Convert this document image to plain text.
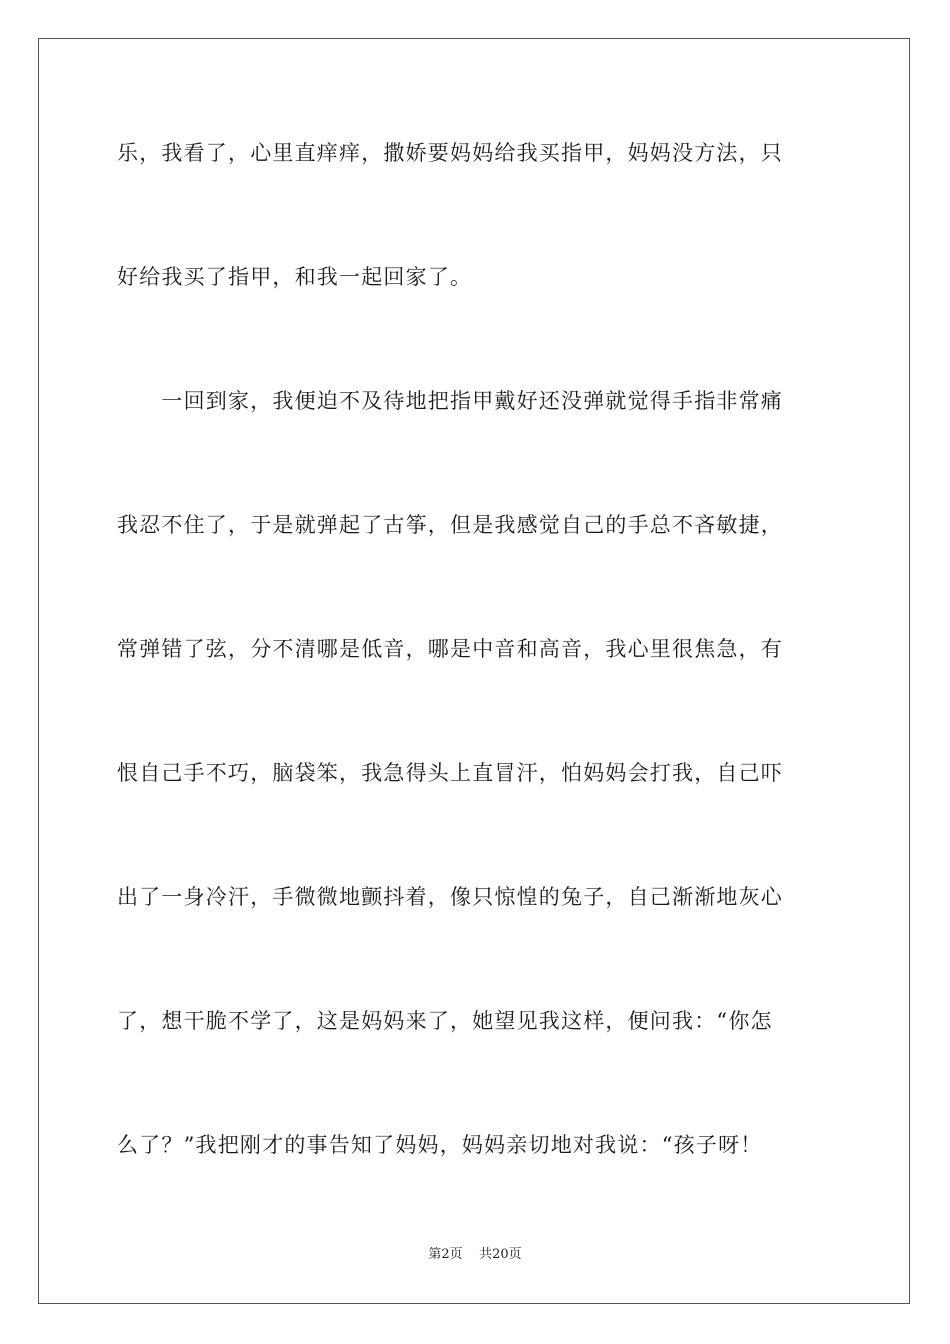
乐，我看了，心里直痒痒，撒娇要妈妈给我买指甲，妈妈没方法，只
好给我买了指甲，和我一起回家了。
　　一回到家，我便迫不及待地把指甲戴好还没弹就觉得手指非常痛
我忍不住了，于是就弹起了古筝，但是我感觉自己的手总不吝敏捷，
常弹错了弦，分不清哪是低音，哪是中音和高音，我心里很焦急，有
恨自己手不巧，脑袋笨，我急得头上直冒汗，怕妈妈会打我，自己吓
出了一身冷汗，手微微地颤抖着，像只惊惶的兔子，自己渐渐地灰心
了，想干脆不学了，这是妈妈来了，她望见我这样，便问我：“你怎
么了？”我把刚才的事告知了妈妈，妈妈亲切地对我说：“孩子呀！
第2页 共20页
